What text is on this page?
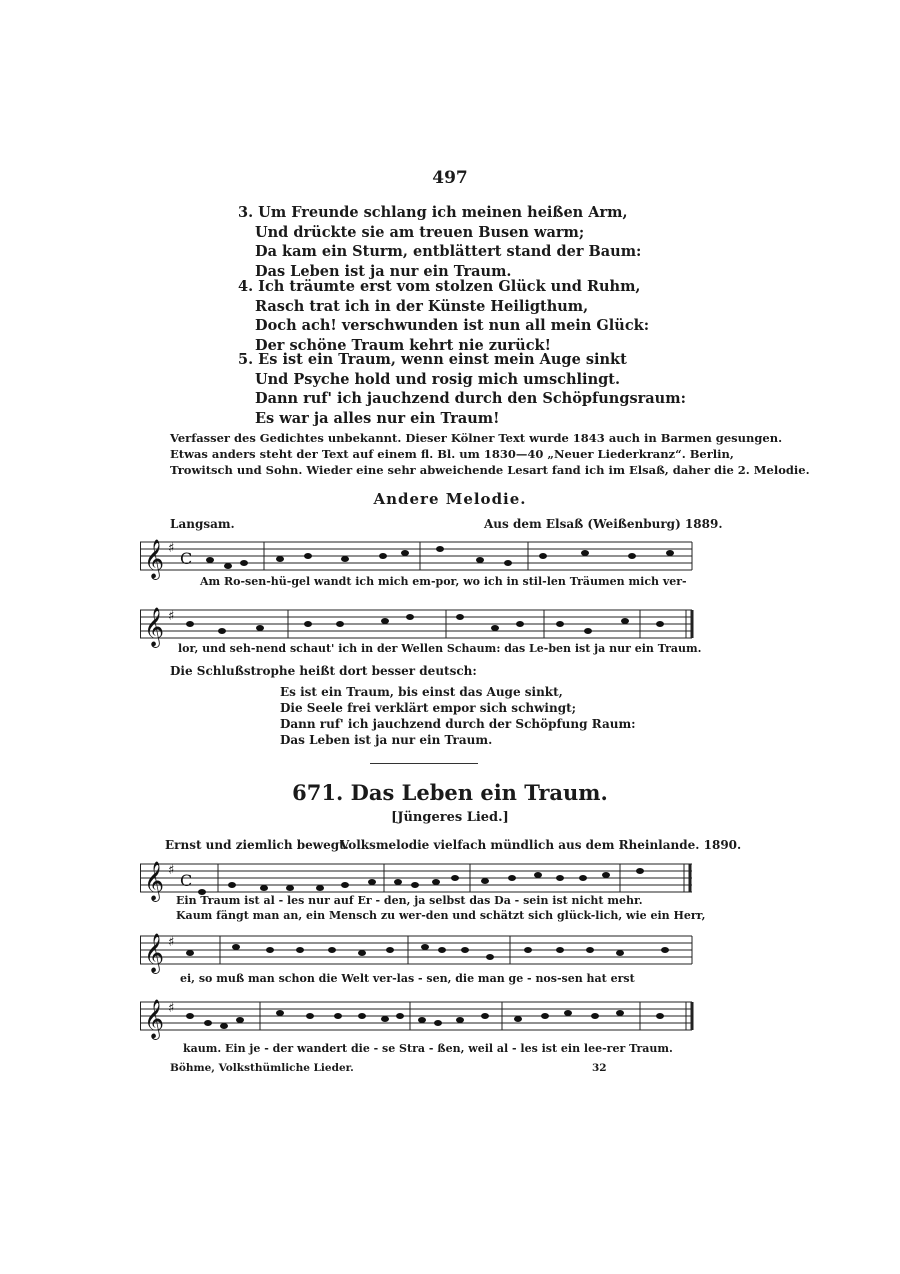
497
3. Um Freunde schlang ich meinen heißen Arm,
Und drückte sie am treuen Busen warm;
Da kam ein Sturm, entblättert stand der Baum:
Das Leben ist ja nur ein Traum.
4. Ich träumte erst vom stolzen Glück und Ruhm,
Rasch trat ich in der Künste Heiligthum,
Doch ach! verschwunden ist nun all mein Glück:
Der schöne Traum kehrt nie zurück!
5. Es ist ein Traum, wenn einst mein Auge sinkt
Und Psyche hold und rosig mich umschlingt.
Dann ruf' ich jauchzend durch den Schöpfungsraum:
Es war ja alles nur ein Traum!
Verfasser des Gedichtes unbekannt. Dieser Kölner Text wurde 1843 auch in Barmen gesungen.
Etwas anders steht der Text auf einem fl. Bl. um 1830—40 „Neuer Liederkranz“. Berlin,
Trowitsch und Sohn. Wieder eine sehr abweichende Lesart fand ich im Elsaß, daher die 2. Melodie.
Andere Melodie.
Langsam.	Aus dem Elsaß (Weißenburg) 1889.
𝄞 ♯
C
Am Ro-sen-hü-gel wandt ich mich em-por, wo ich in stil-len Träumen mich ver-
𝄞 ♯
lor, und seh-nend schaut' ich in der Wellen Schaum: das Le-ben ist ja nur ein Traum.
Die Schlußstrophe heißt dort besser deutsch:
Es ist ein Traum, bis einst das Auge sinkt,
Die Seele frei verklärt empor sich schwingt;
Dann ruf' ich jauchzend durch der Schöpfung Raum:
Das Leben ist ja nur ein Traum.
671. Das Leben ein Traum.
[Jüngeres Lied.]
Ernst und ziemlich bewegt.
Volksmelodie vielfach mündlich aus dem Rheinlande. 1890.
𝄞 ♯
C
Ein Traum ist al - les nur auf Er - den, ja selbst das Da - sein ist nicht mehr.
Kaum fängt man an, ein Mensch zu wer-den und schätzt sich glück-lich, wie ein Herr,
𝄞 ♯
ei, so muß man schon die Welt ver-las - sen, die man ge - nos-sen hat erst
𝄞 ♯
kaum. Ein je - der wandert die - se Stra - ßen, weil al - les ist ein lee-rer Traum.
Böhme, Volksthümliche Lieder.	32
